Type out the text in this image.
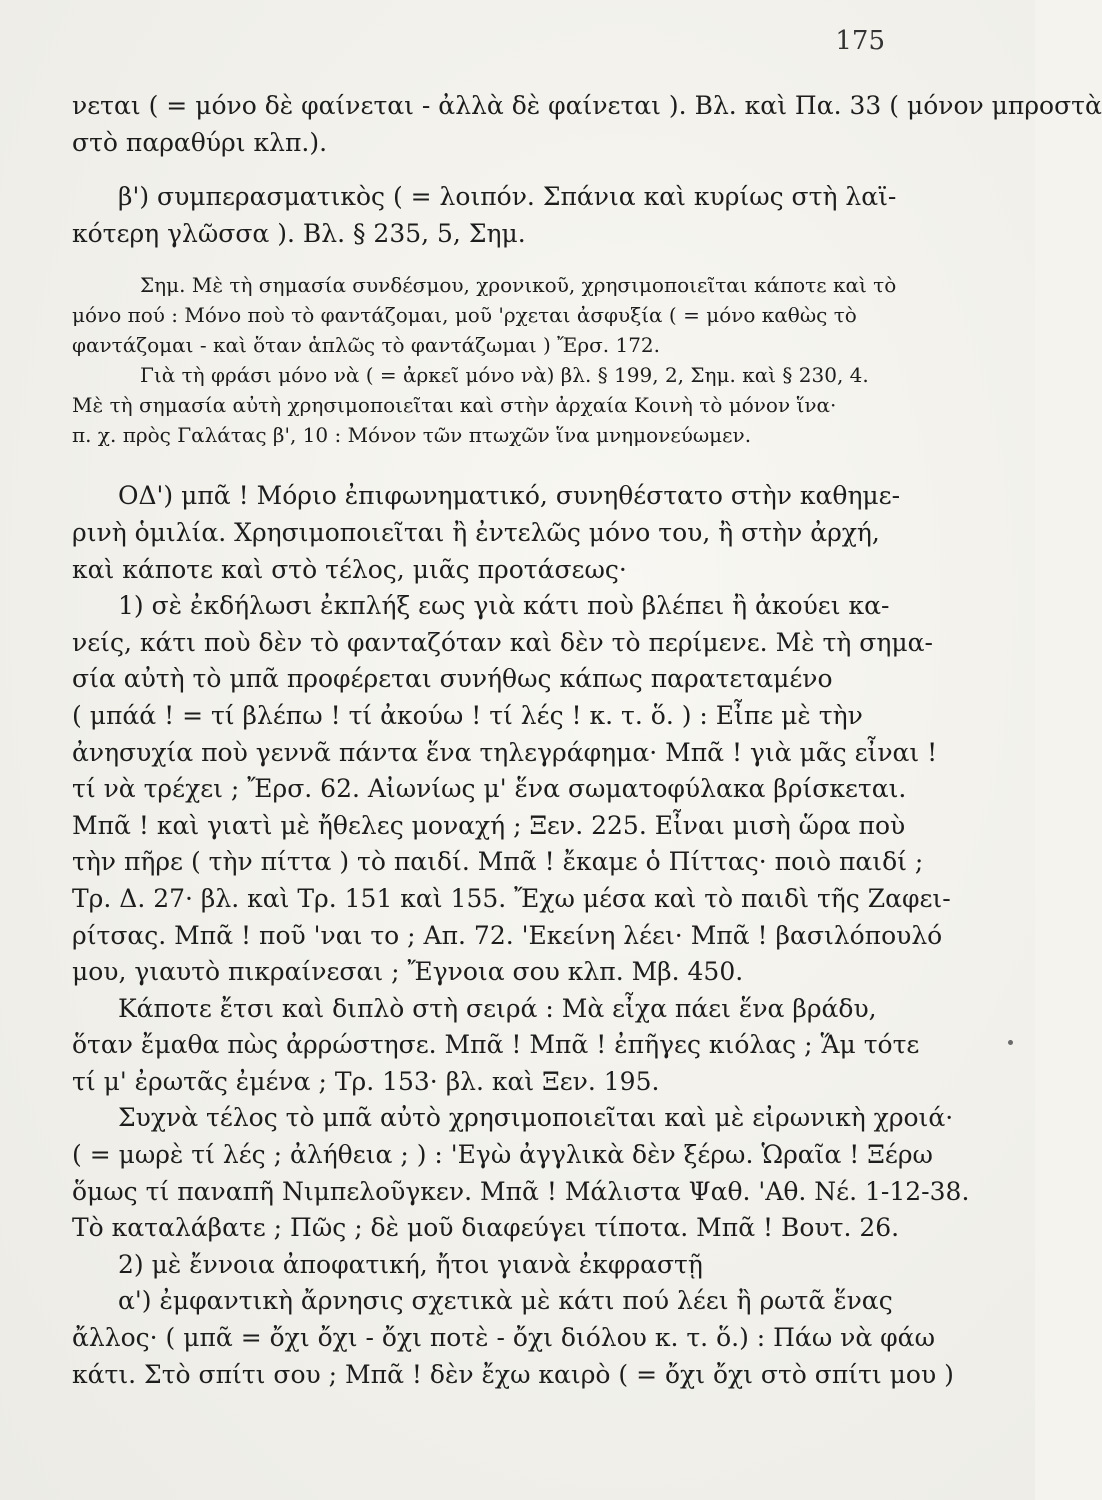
175

νεται ( = μόνο δὲ φαίνεται - ἀλλὰ δὲ φαίνεται ). Βλ. καὶ Πα. 33 ( μόνον μπροστὰ

στὸ παραθύρι κλπ.).

β') συμπερασματικὸς ( = λοιπόν. Σπάνια καὶ κυρίως στὴ λαϊ-

κότερη γλῶσσα ). Βλ. § 235, 5, Σημ.

Σημ. Μὲ τὴ σημασία συνδέσμου, χρονικοῦ, χρησιμοποιεῖται κάποτε καὶ τὸ

μόνο πού : Μόνο ποὺ τὸ φαντάζομαι, μοῦ 'ρχεται ἀσφυξία ( = μόνο καθὼς τὸ

φαντάζομαι - καὶ ὅταν ἁπλῶς τὸ φαντάζωμαι ) Ἔρσ. 172.

Γιὰ τὴ φράσι μόνο νὰ ( = ἀρκεῖ μόνο νὰ) βλ. § 199, 2, Σημ. καὶ § 230, 4.

Μὲ τὴ σημασία αὐτὴ χρησιμοποιεῖται καὶ στὴν ἀρχαία Κοινὴ τὸ μόνον ἵνα·

π. χ. πρὸς Γαλάτας β', 10 : Μόνον τῶν πτωχῶν ἵνα μνημονεύωμεν.

ΟΔ') μπᾶ ! Μόριο ἐπιφωνηματικό, συνηθέστατο στὴν καθημε-

ρινὴ ὁμιλία. Χρησιμοποιεῖται ἢ ἐντελῶς μόνο του, ἢ στὴν ἀρχή,

καὶ κάποτε καὶ στὸ τέλος, μιᾶς προτάσεως·

1) σὲ ἐκδήλωσι ἐκπλήξ εως γιὰ κάτι ποὺ βλέπει ἢ ἀκούει κα-

νείς, κάτι ποὺ δὲν τὸ φανταζόταν καὶ δὲν τὸ περίμενε. Μὲ τὴ σημα-

σία αὐτὴ τὸ μπᾶ προφέρεται συνήθως κάπως παρατεταμένο

( μπάά ! = τί βλέπω ! τί ἀκούω ! τί λές ! κ. τ. ὅ. ) : Εἶπε μὲ τὴν

ἀνησυχία ποὺ γεννᾶ πάντα ἕνα τηλεγράφημα· Μπᾶ ! γιὰ μᾶς εἶναι !

τί νὰ τρέχει ; Ἔρσ. 62. Αἰωνίως μ' ἕνα σωματοφύλακα βρίσκεται.

Μπᾶ ! καὶ γιατὶ μὲ ἤθελες μοναχή ; Ξεν. 225. Εἶναι μισὴ ὥρα ποὺ

τὴν πῆρε ( τὴν πίττα ) τὸ παιδί. Μπᾶ ! ἔκαμε ὁ Πίττας· ποιὸ παιδί ;

Τρ. Δ. 27· βλ. καὶ Τρ. 151 καὶ 155. Ἔχω μέσα καὶ τὸ παιδὶ τῆς Ζαφει-

ρίτσας. Μπᾶ ! ποῦ 'ναι το ; Απ. 72. 'Εκείνη λέει· Μπᾶ ! βασιλόπουλό

μου, γιαυτὸ πικραίνεσαι ; Ἔγνοια σου κλπ. Μβ. 450.

Κάποτε ἔτσι καὶ διπλὸ στὴ σειρά : Μὰ εἶχα πάει ἕνα βράδυ,

ὅταν ἔμαθα πὼς ἀρρώστησε. Μπᾶ ! Μπᾶ ! ἐπῆγες κιόλας ; Ἅμ τότε

τί μ' ἐρωτᾶς ἐμένα ; Τρ. 153· βλ. καὶ Ξεν. 195.

Συχνὰ τέλος τὸ μπᾶ αὐτὸ χρησιμοποιεῖται καὶ μὲ εἰρωνικὴ χροιά·

( = μωρὲ τί λές ; ἀλήθεια ; ) : 'Εγὼ ἀγγλικὰ δὲν ξέρω. Ὡραῖα ! Ξέρω

ὅμως τί παναπῆ Νιμπελοῦγκεν. Μπᾶ ! Μάλιστα Ψαθ. 'Αθ. Νέ. 1-12-38.

Τὸ καταλάβατε ; Πῶς ; δὲ μοῦ διαφεύγει τίποτα. Μπᾶ ! Βουτ. 26.

2) μὲ ἔννοια ἀποφατική, ἤτοι γιανὰ ἐκφραστῇ

α') ἐμφαντικὴ ἄρνησις σχετικὰ μὲ κάτι πού λέει ἢ ρωτᾶ ἕνας

ἄλλος· ( μπᾶ = ὄχι ὄχι - ὄχι ποτὲ - ὄχι διόλου κ. τ. ὅ.) : Πάω νὰ φάω

κάτι. Στὸ σπίτι σου ; Μπᾶ ! δὲν ἔχω καιρὸ ( = ὄχι ὄχι στὸ σπίτι μου )
